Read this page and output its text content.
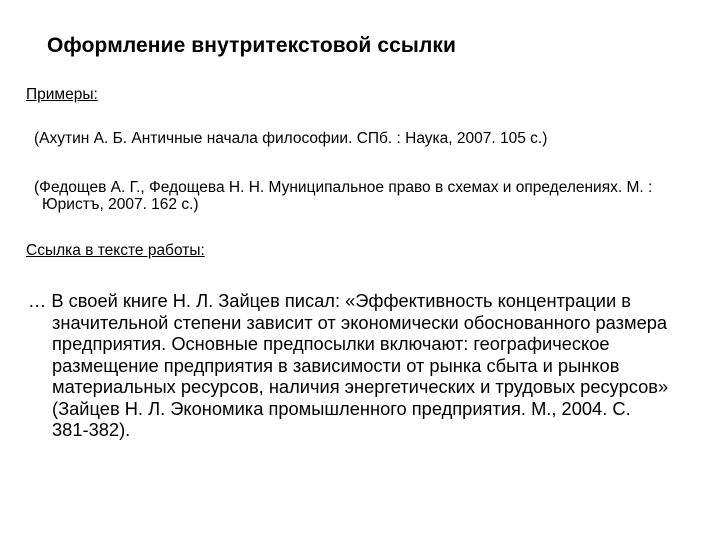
Оформление внутритекстовой ссылки
Примеры:
(Ахутин А. Б. Античные начала философии. СПб. : Наука, 2007. 105 с.)
(Федощев А. Г., Федощева Н. Н. Муниципальное право в схемах и определениях. М. : Юристъ, 2007. 162 с.)
Ссылка в тексте работы:
… В своей книге Н. Л. Зайцев писал: «Эффективность концентрации в значительной степени зависит от экономически обоснованного размера предприятия. Основные предпосылки включают: географическое размещение предприятия в зависимости от рынка сбыта и рынков материальных ресурсов, наличия энергетических и трудовых ресурсов» (Зайцев Н. Л. Экономика промышленного предприятия. М., 2004. С. 381‑382).
